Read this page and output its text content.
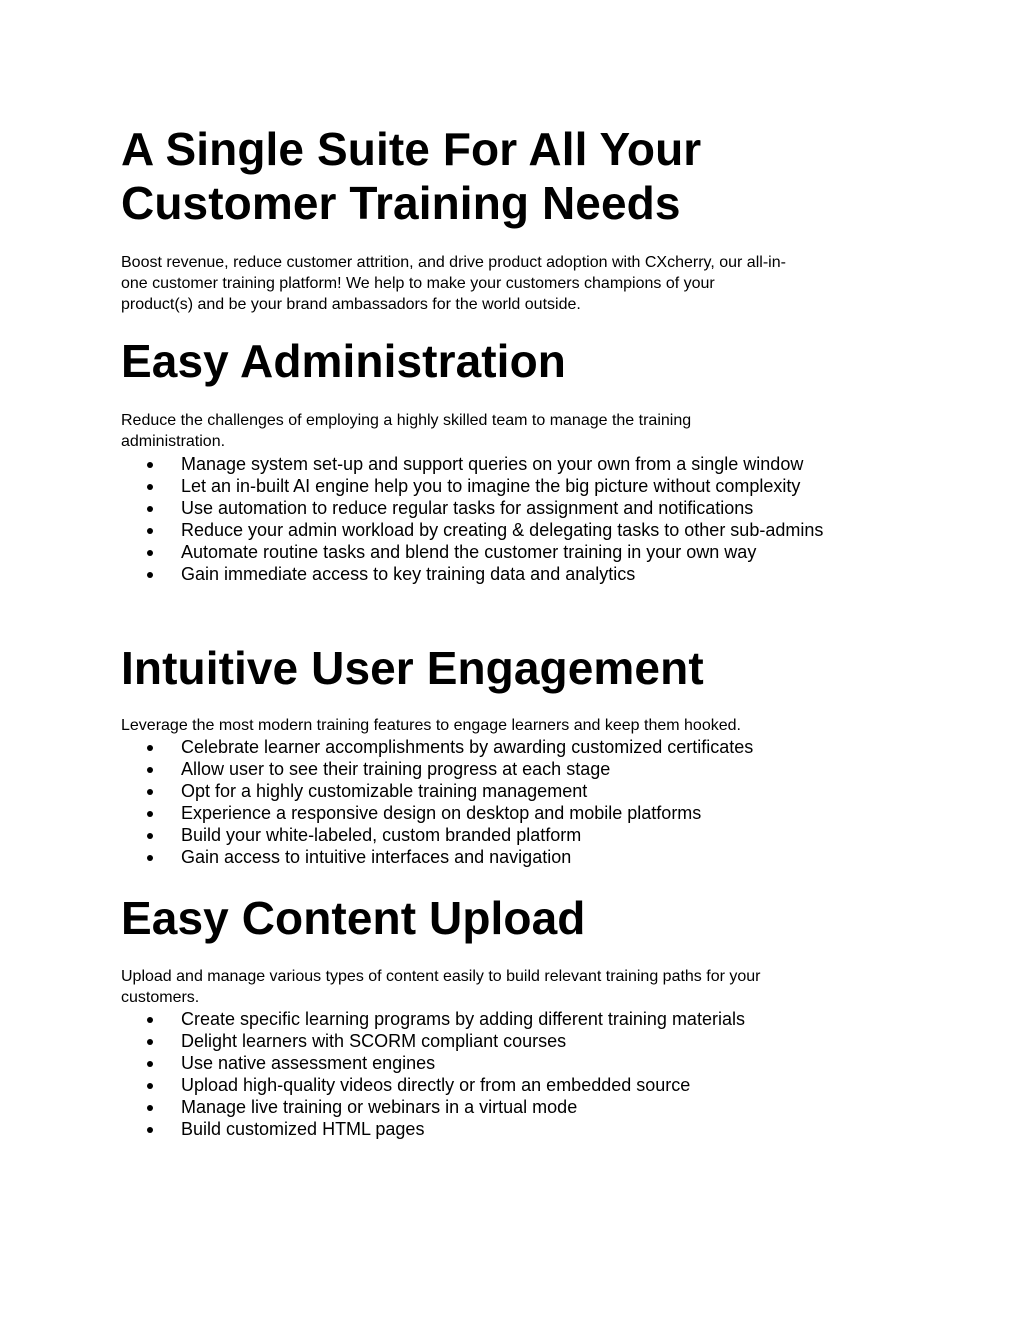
A Single Suite For All Your
Customer Training Needs

Boost revenue, reduce customer attrition, and drive product adoption with CXcherry, our all-in-
one customer training platform! We help to make your customers champions of your
product(s) and be your brand ambassadors for the world outside.

Easy Administration

Reduce the challenges of employing a highly skilled team to manage the training
administration.

Manage system set-up and support queries on your own from a single window
Let an in-built AI engine help you to imagine the big picture without complexity
Use automation to reduce regular tasks for assignment and notifications
Reduce your admin workload by creating & delegating tasks to other sub-admins
Automate routine tasks and blend the customer training in your own way
Gain immediate access to key training data and analytics
Intuitive User Engagement

Leverage the most modern training features to engage learners and keep them hooked.

Celebrate learner accomplishments by awarding customized certificates
Allow user to see their training progress at each stage
Opt for a highly customizable training management
Experience a responsive design on desktop and mobile platforms
Build your white-labeled, custom branded platform
Gain access to intuitive interfaces and navigation
Easy Content Upload

Upload and manage various types of content easily to build relevant training paths for your
customers.

Create specific learning programs by adding different training materials
Delight learners with SCORM compliant courses
Use native assessment engines
Upload high-quality videos directly or from an embedded source
Manage live training or webinars in a virtual mode
Build customized HTML pages
